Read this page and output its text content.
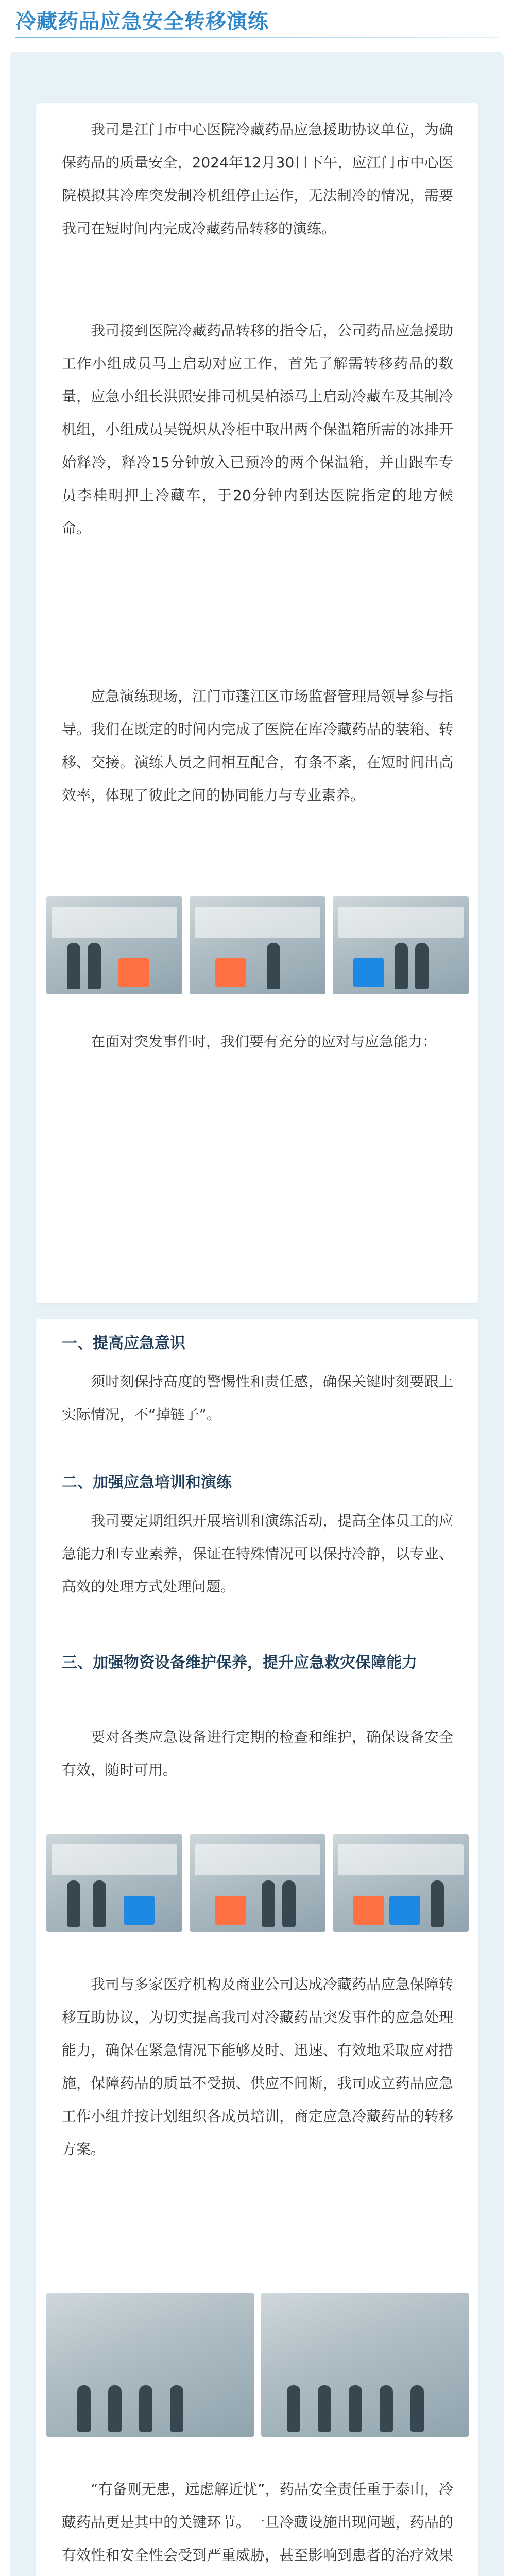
冷藏药品应急安全转移演练
我司是江门市中心医院冷藏药品应急援助协议单位，为确保药品的质量安全，2024年12月30日下午，应江门市中心医院模拟其冷库突发制冷机组停止运作，无法制冷的情况，需要我司在短时间内完成冷藏药品转移的演练。
我司接到医院冷藏药品转移的指令后，公司药品应急援助工作小组成员马上启动对应工作，首先了解需转移药品的数量，应急小组长洪照安排司机吴柏添马上启动冷藏车及其制冷机组，小组成员吴锐炽从冷柜中取出两个保温箱所需的冰排开始释冷，释冷15分钟放入已预冷的两个保温箱，并由跟车专员李桂明押上冷藏车，于20分钟内到达医院指定的地方候命。
应急演练现场，江门市蓬江区市场监督管理局领导参与指导。我们在既定的时间内完成了医院在库冷藏药品的装箱、转移、交接。演练人员之间相互配合，有条不紊，在短时间出高效率，体现了彼此之间的协同能力与专业素养。
在面对突发事件时，我们要有充分的应对与应急能力：
一、提高应急意识
须时刻保持高度的警惕性和责任感，确保关键时刻要跟上实际情况，不“掉链子”。
二、加强应急培训和演练
我司要定期组织开展培训和演练活动，提高全体员工的应急能力和专业素养，保证在特殊情况可以保持冷静，以专业、高效的处理方式处理问题。
三、加强物资设备维护保养，提升应急救灾保障能力
要对各类应急设备进行定期的检查和维护，确保设备安全有效，随时可用。
我司与多家医疗机构及商业公司达成冷藏药品应急保障转移互助协议，为切实提高我司对冷藏药品突发事件的应急处理能力，确保在紧急情况下能够及时、迅速、有效地采取应对措施，保障药品的质量不受损、供应不间断，我司成立药品应急工作小组并按计划组织各成员培训，商定应急冷藏药品的转移方案。
“有备则无患，远虑解近忧”，药品安全责任重于泰山，冷藏药品更是其中的关键环节。一旦冷藏设施出现问题，药品的有效性和安全性会受到严重威胁，甚至影响到患者的治疗效果
